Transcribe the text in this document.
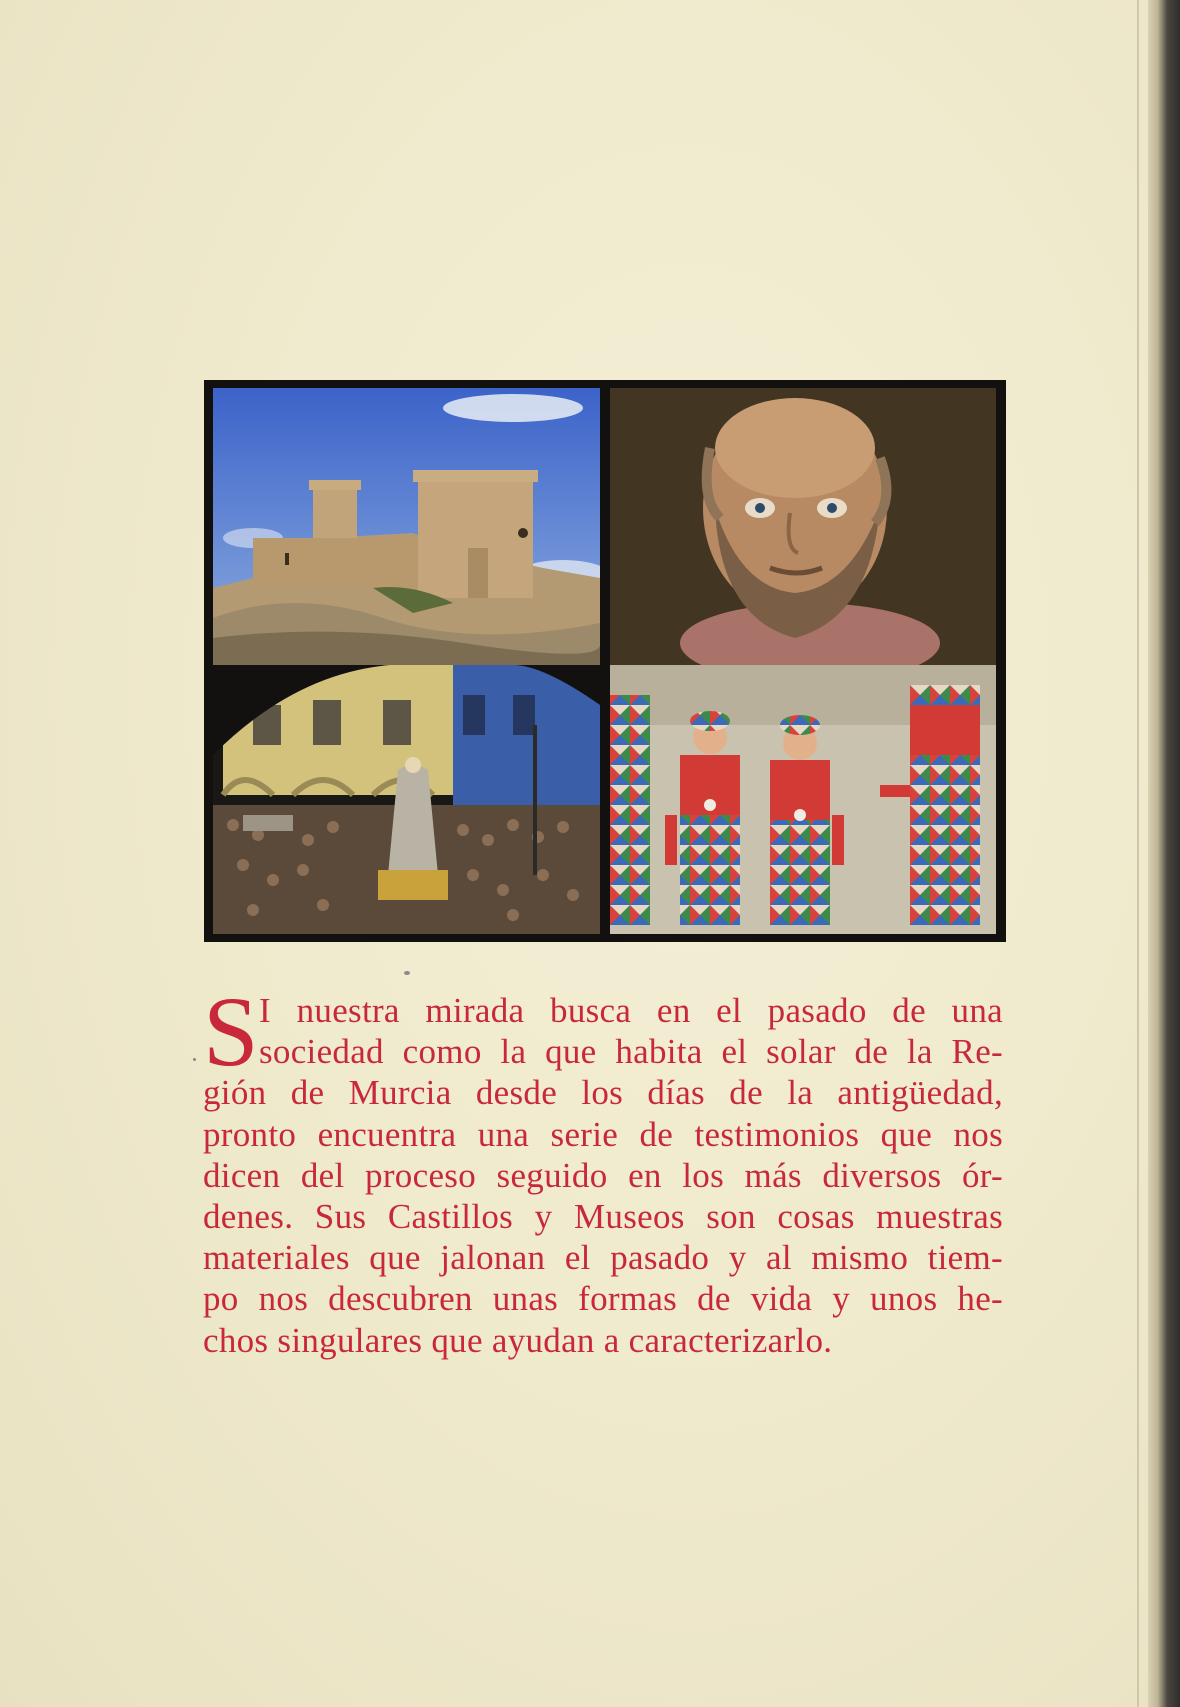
S I nuestra mirada busca en el pasado de una
sociedad como la que habita el solar de la Re-
gión de Murcia desde los días de la antigüedad,
pronto encuentra una serie de testimonios que nos
dicen del proceso seguido en los más diversos ór-
denes. Sus Castillos y Museos son cosas muestras
materiales que jalonan el pasado y al mismo tiem-
po nos descubren unas formas de vida y unos he-
chos singulares que ayudan a caracterizarlo.
